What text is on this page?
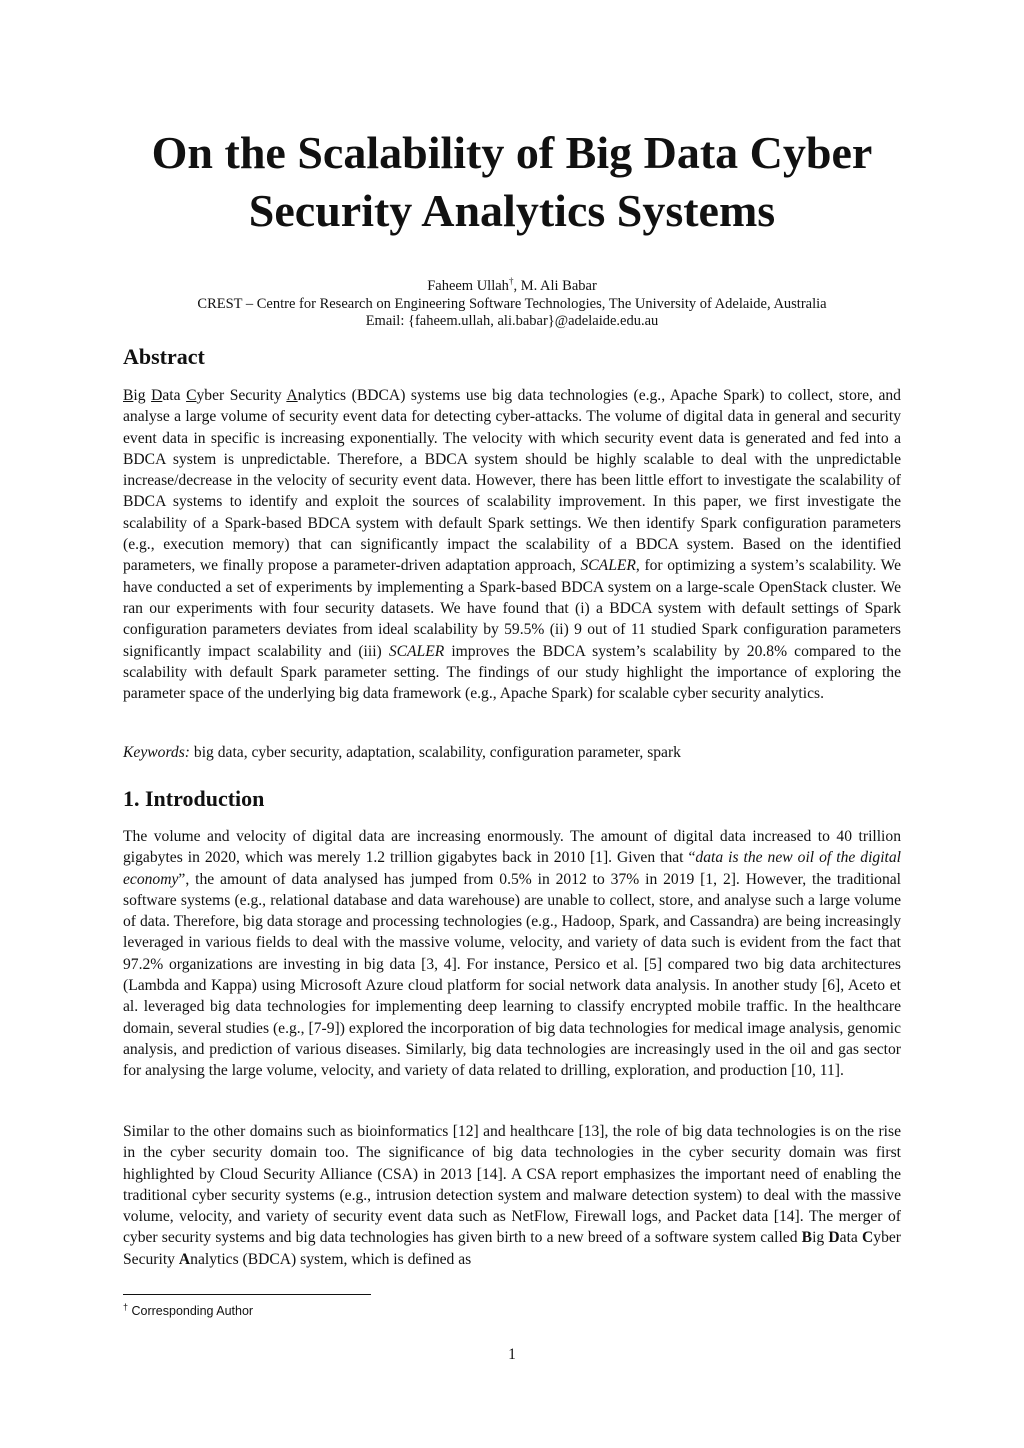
On the Scalability of Big Data Cyber
Security Analytics Systems
Faheem Ullah†, M. Ali Babar
CREST – Centre for Research on Engineering Software Technologies, The University of Adelaide, Australia
Email: {faheem.ullah, ali.babar}@adelaide.edu.au
Abstract

Big Data Cyber Security Analytics (BDCA) systems use big data technologies (e.g., Apache Spark) to collect, store, and analyse a large volume of security event data for detecting cyber-attacks. The volume of digital data in general and security event data in specific is increasing exponentially. The velocity with which security event data is generated and fed into a BDCA system is unpredictable. Therefore, a BDCA system should be highly scalable to deal with the unpredictable increase/decrease in the velocity of security event data. However, there has been little effort to investigate the scalability of BDCA systems to identify and exploit the sources of scalability improvement. In this paper, we first investigate the scalability of a Spark-based BDCA system with default Spark settings. We then identify Spark configuration parameters (e.g., execution memory) that can significantly impact the scalability of a BDCA system. Based on the identified parameters, we finally propose a parameter-driven adaptation approach, SCALER, for optimizing a system’s scalability. We have conducted a set of experiments by implementing a Spark-based BDCA system on a large-scale OpenStack cluster. We ran our experiments with four security datasets. We have found that (i) a BDCA system with default settings of Spark configuration parameters deviates from ideal scalability by 59.5% (ii) 9 out of 11 studied Spark configuration parameters significantly impact scalability and (iii) SCALER improves the BDCA system’s scalability by 20.8% compared to the scalability with default Spark parameter setting. The findings of our study highlight the importance of exploring the parameter space of the underlying big data framework (e.g., Apache Spark) for scalable cyber security analytics.

Keywords: big data, cyber security, adaptation, scalability, configuration parameter, spark

1. Introduction

The volume and velocity of digital data are increasing enormously. The amount of digital data increased to 40 trillion gigabytes in 2020, which was merely 1.2 trillion gigabytes back in 2010 [1]. Given that “data is the new oil of the digital economy”, the amount of data analysed has jumped from 0.5% in 2012 to 37% in 2019 [1, 2]. However, the traditional software systems (e.g., relational database and data warehouse) are unable to collect, store, and analyse such a large volume of data. Therefore, big data storage and processing technologies (e.g., Hadoop, Spark, and Cassandra) are being increasingly leveraged in various fields to deal with the massive volume, velocity, and variety of data such is evident from the fact that 97.2% organizations are investing in big data [3, 4]. For instance, Persico et al. [5] compared two big data architectures (Lambda and Kappa) using Microsoft Azure cloud platform for social network data analysis. In another study [6], Aceto et al. leveraged big data technologies for implementing deep learning to classify encrypted mobile traffic. In the healthcare domain, several studies (e.g., [7-9]) explored the incorporation of big data technologies for medical image analysis, genomic analysis, and prediction of various diseases. Similarly, big data technologies are increasingly used in the oil and gas sector for analysing the large volume, velocity, and variety of data related to drilling, exploration, and production [10, 11].

Similar to the other domains such as bioinformatics [12] and healthcare [13], the role of big data technologies is on the rise in the cyber security domain too. The significance of big data technologies in the cyber security domain was first highlighted by Cloud Security Alliance (CSA) in 2013 [14]. A CSA report emphasizes the important need of enabling the traditional cyber security systems (e.g., intrusion detection system and malware detection system) to deal with the massive volume, velocity, and variety of security event data such as NetFlow, Firewall logs, and Packet data [14]. The merger of cyber security systems and big data technologies has given birth to a new breed of a software system called Big Data Cyber Security Analytics (BDCA) system, which is defined as

† Corresponding Author
1
